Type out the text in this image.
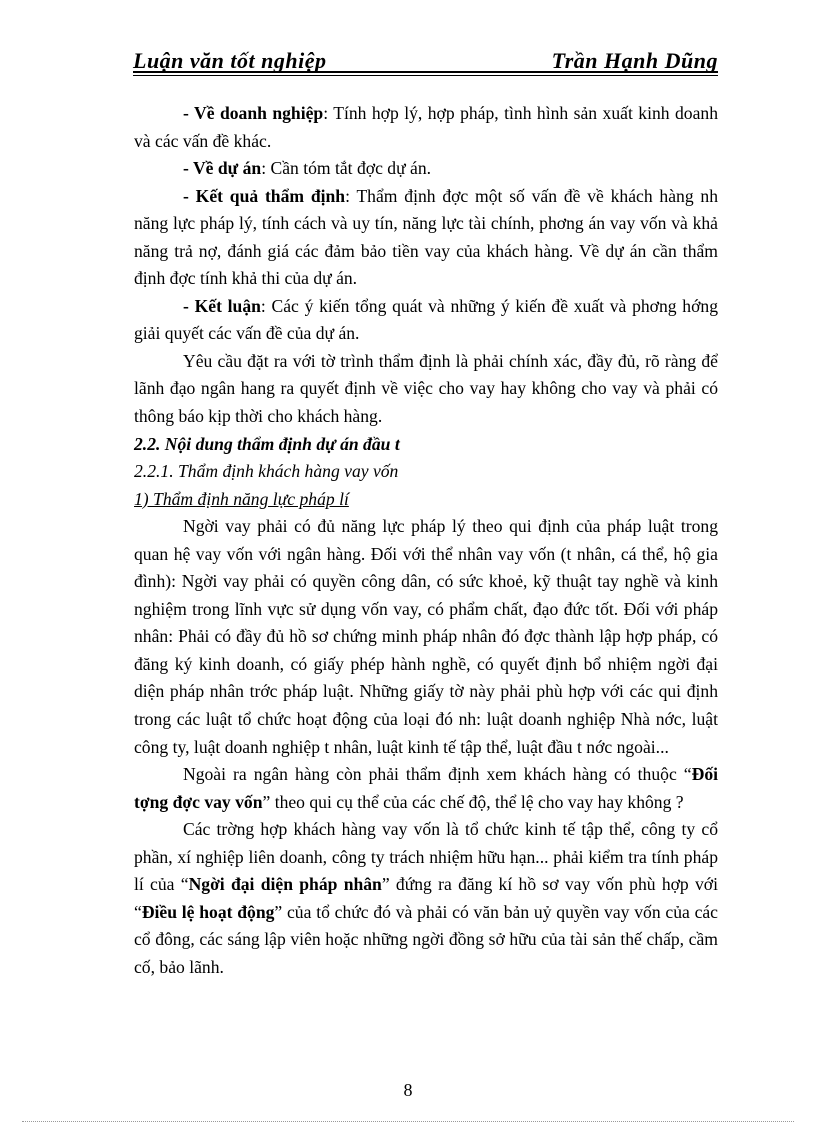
Luận văn tốt nghiệp	Trần Hạnh Dũng

- Về doanh nghiệp: Tính hợp lý, hợp pháp, tình hình sản xuất kinh doanh và các vấn đề khác.

- Về dự án: Cần tóm tắt đợc dự án.

- Kết quả thẩm định: Thẩm định đợc một số vấn đề về khách hàng nh năng lực pháp lý, tính cách và uy tín, năng lực tài chính, phơng án vay vốn và khả năng trả nợ, đánh giá các đảm bảo tiền vay của khách hàng. Về dự án cần thẩm định đợc tính khả thi của dự án.

- Kết luận: Các ý kiến tổng quát và những ý kiến đề xuất và phơng hớng giải quyết các vấn đề của dự án.

Yêu cầu đặt ra với tờ trình thẩm định là phải chính xác, đầy đủ, rõ ràng để lãnh đạo ngân hang ra quyết định về việc cho vay hay không cho vay và phải có thông báo kịp thời cho khách hàng.

2.2. Nội dung thẩm định dự án đầu t

2.2.1. Thẩm định khách hàng vay vốn

1) Thẩm định năng lực pháp lí

Ngời vay phải có đủ năng lực pháp lý theo qui định của pháp luật trong quan hệ vay vốn với ngân hàng. Đối với thể nhân vay vốn (t nhân, cá thể, hộ gia đình): Ngời vay phải có quyền công dân, có sức khoẻ, kỹ thuật tay nghề và kinh nghiệm trong lĩnh vực sử dụng vốn vay, có phẩm chất, đạo đức tốt. Đối với pháp nhân: Phải có đầy đủ hồ sơ chứng minh pháp nhân đó đợc thành lập hợp pháp, có đăng ký kinh doanh, có giấy phép hành nghề, có quyết định bổ nhiệm ngời đại diện pháp nhân trớc pháp luật. Những giấy tờ này phải phù hợp với các qui định trong các luật tổ chức hoạt động của loại đó nh: luật doanh nghiệp Nhà nớc, luật công ty, luật doanh nghiệp t nhân, luật kinh tế tập thể, luật đầu t nớc ngoài...

Ngoài ra ngân hàng còn phải thẩm định xem khách hàng có thuộc “Đối tợng đợc vay vốn” theo qui cụ thể của các chế độ, thể lệ cho vay hay không ?

Các trờng hợp khách hàng vay vốn là tổ chức kinh tế tập thể, công ty cổ phần, xí nghiệp liên doanh, công ty trách nhiệm hữu hạn... phải kiểm tra tính pháp lí của “Ngời đại diện pháp nhân” đứng ra đăng kí hồ sơ vay vốn phù hợp với “Điều lệ hoạt động” của tổ chức đó và phải có văn bản uỷ quyền vay vốn của các cổ đông, các sáng lập viên hoặc những ngời đồng sở hữu của tài sản thế chấp, cầm cố, bảo lãnh.

8
